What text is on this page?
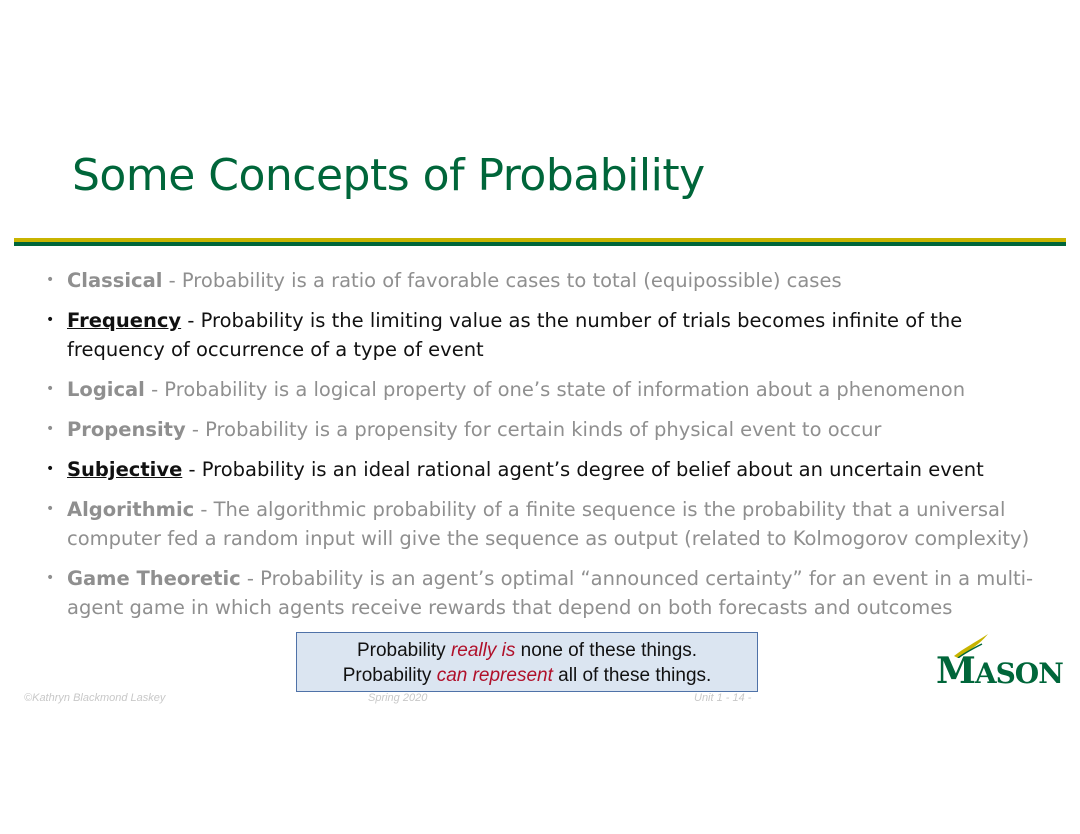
Some Concepts of Probability
• Classical - Probability is a ratio of favorable cases to total (equipossible) cases
• Frequency - Probability is the limiting value as the number of trials becomes infinite of the frequency of occurrence of a type of event
• Logical - Probability is a logical property of one’s state of information about a phenomenon
• Propensity - Probability is a propensity for certain kinds of physical event to occur
• Subjective - Probability is an ideal rational agent’s degree of belief about an uncertain event
• Algorithmic - The algorithmic probability of a finite sequence is the probability that a universal computer fed a random input will give the sequence as output (related to Kolmogorov complexity)
• Game Theoretic - Probability is an agent’s optimal “announced certainty” for an event in a multi-agent game in which agents receive rewards that depend on both forecasts and outcomes
Probability really is none of these things.
Probability can represent all of these things.
©Kathryn Blackmond Laskey	Spring 2020	Unit 1 - 14 -
MASON
